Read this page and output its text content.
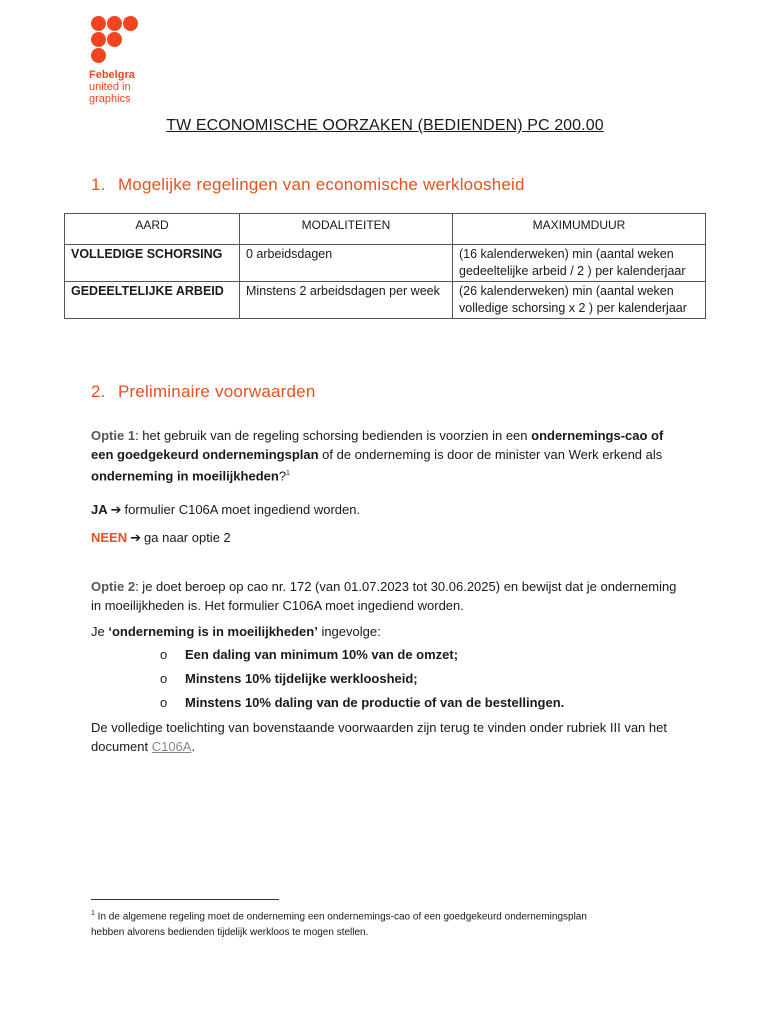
Febelgra
united in
graphics
TW ECONOMISCHE OORZAKEN (BEDIENDEN) PC 200.00
1. Mogelijke regelingen van economische werkloosheid
AARD	MODALITEITEN	MAXIMUMDUUR
VOLLEDIGE SCHORSING	0 arbeidsdagen	(16 kalenderweken) min (aantal weken gedeeltelijke arbeid / 2 ) per kalenderjaar
GEDEELTELIJKE ARBEID	Minstens 2 arbeidsdagen per week	(26 kalenderweken) min (aantal weken volledige schorsing x 2 ) per kalenderjaar
2. Preliminaire voorwaarden
Optie 1: het gebruik van de regeling schorsing bedienden is voorzien in een ondernemings-cao of een goedgekeurd ondernemingsplan of de onderneming is door de minister van Werk erkend als onderneming in moeilijkheden?$^1$
JA ➔ formulier C106A moet ingediend worden.
NEEN ➔ ga naar optie 2
Optie 2: je doet beroep op cao nr. 172 (van 01.07.2023 tot 30.06.2025) en bewijst dat je onderneming in moeilijkheden is. Het formulier C106A moet ingediend worden.
Je ‘onderneming is in moeilijkheden’ ingevolge:
o Een daling van minimum 10% van de omzet;
o Minstens 10% tijdelijke werkloosheid;
o Minstens 10% daling van de productie of van de bestellingen.
De volledige toelichting van bovenstaande voorwaarden zijn terug te vinden onder rubriek III van het document C106A.
$^1$ In de algemene regeling moet de onderneming een ondernemings-cao of een goedgekeurd ondernemingsplan hebben alvorens bedienden tijdelijk werkloos te mogen stellen.
